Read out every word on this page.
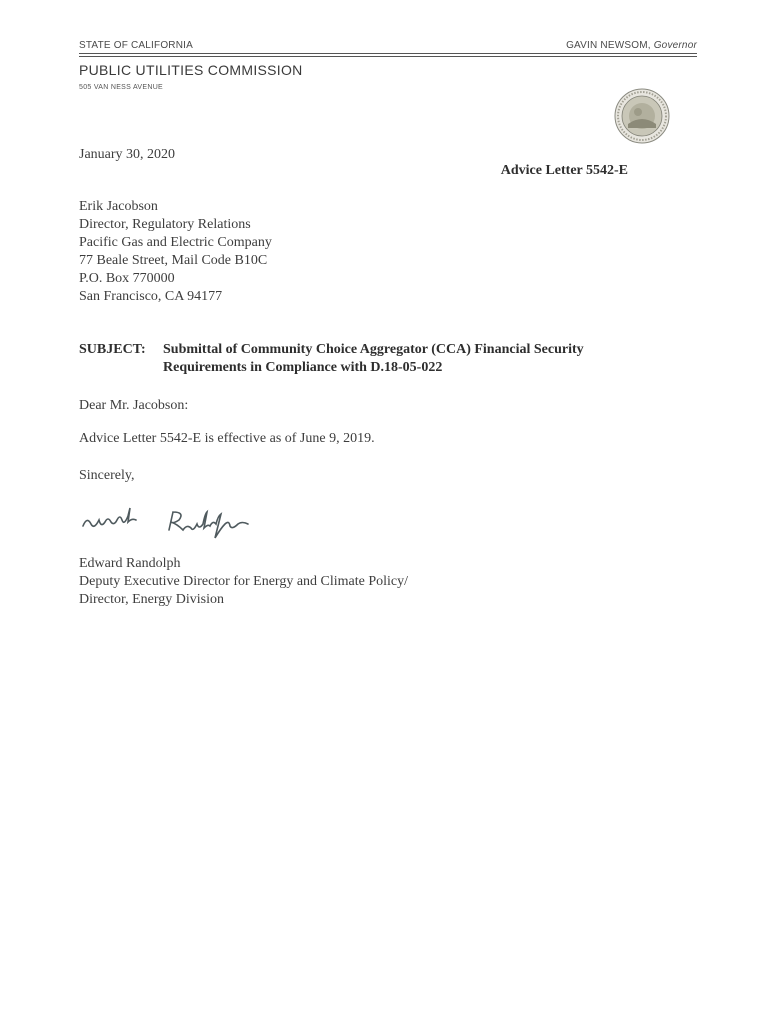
STATE OF CALIFORNIA	GAVIN NEWSOM, Governor
PUBLIC UTILITIES COMMISSION
505 VAN NESS AVENUE
January 30, 2020
Advice Letter 5542-E
Erik Jacobson
Director, Regulatory Relations
Pacific Gas and Electric Company
77 Beale Street, Mail Code B10C
P.O. Box 770000
San Francisco, CA 94177
SUBJECT: Submittal of Community Choice Aggregator (CCA) Financial Security
Requirements in Compliance with D.18-05-022
Dear Mr. Jacobson:
Advice Letter 5542-E is effective as of June 9, 2019.
Sincerely,
Edward Randolph
Deputy Executive Director for Energy and Climate Policy/
Director, Energy Division
